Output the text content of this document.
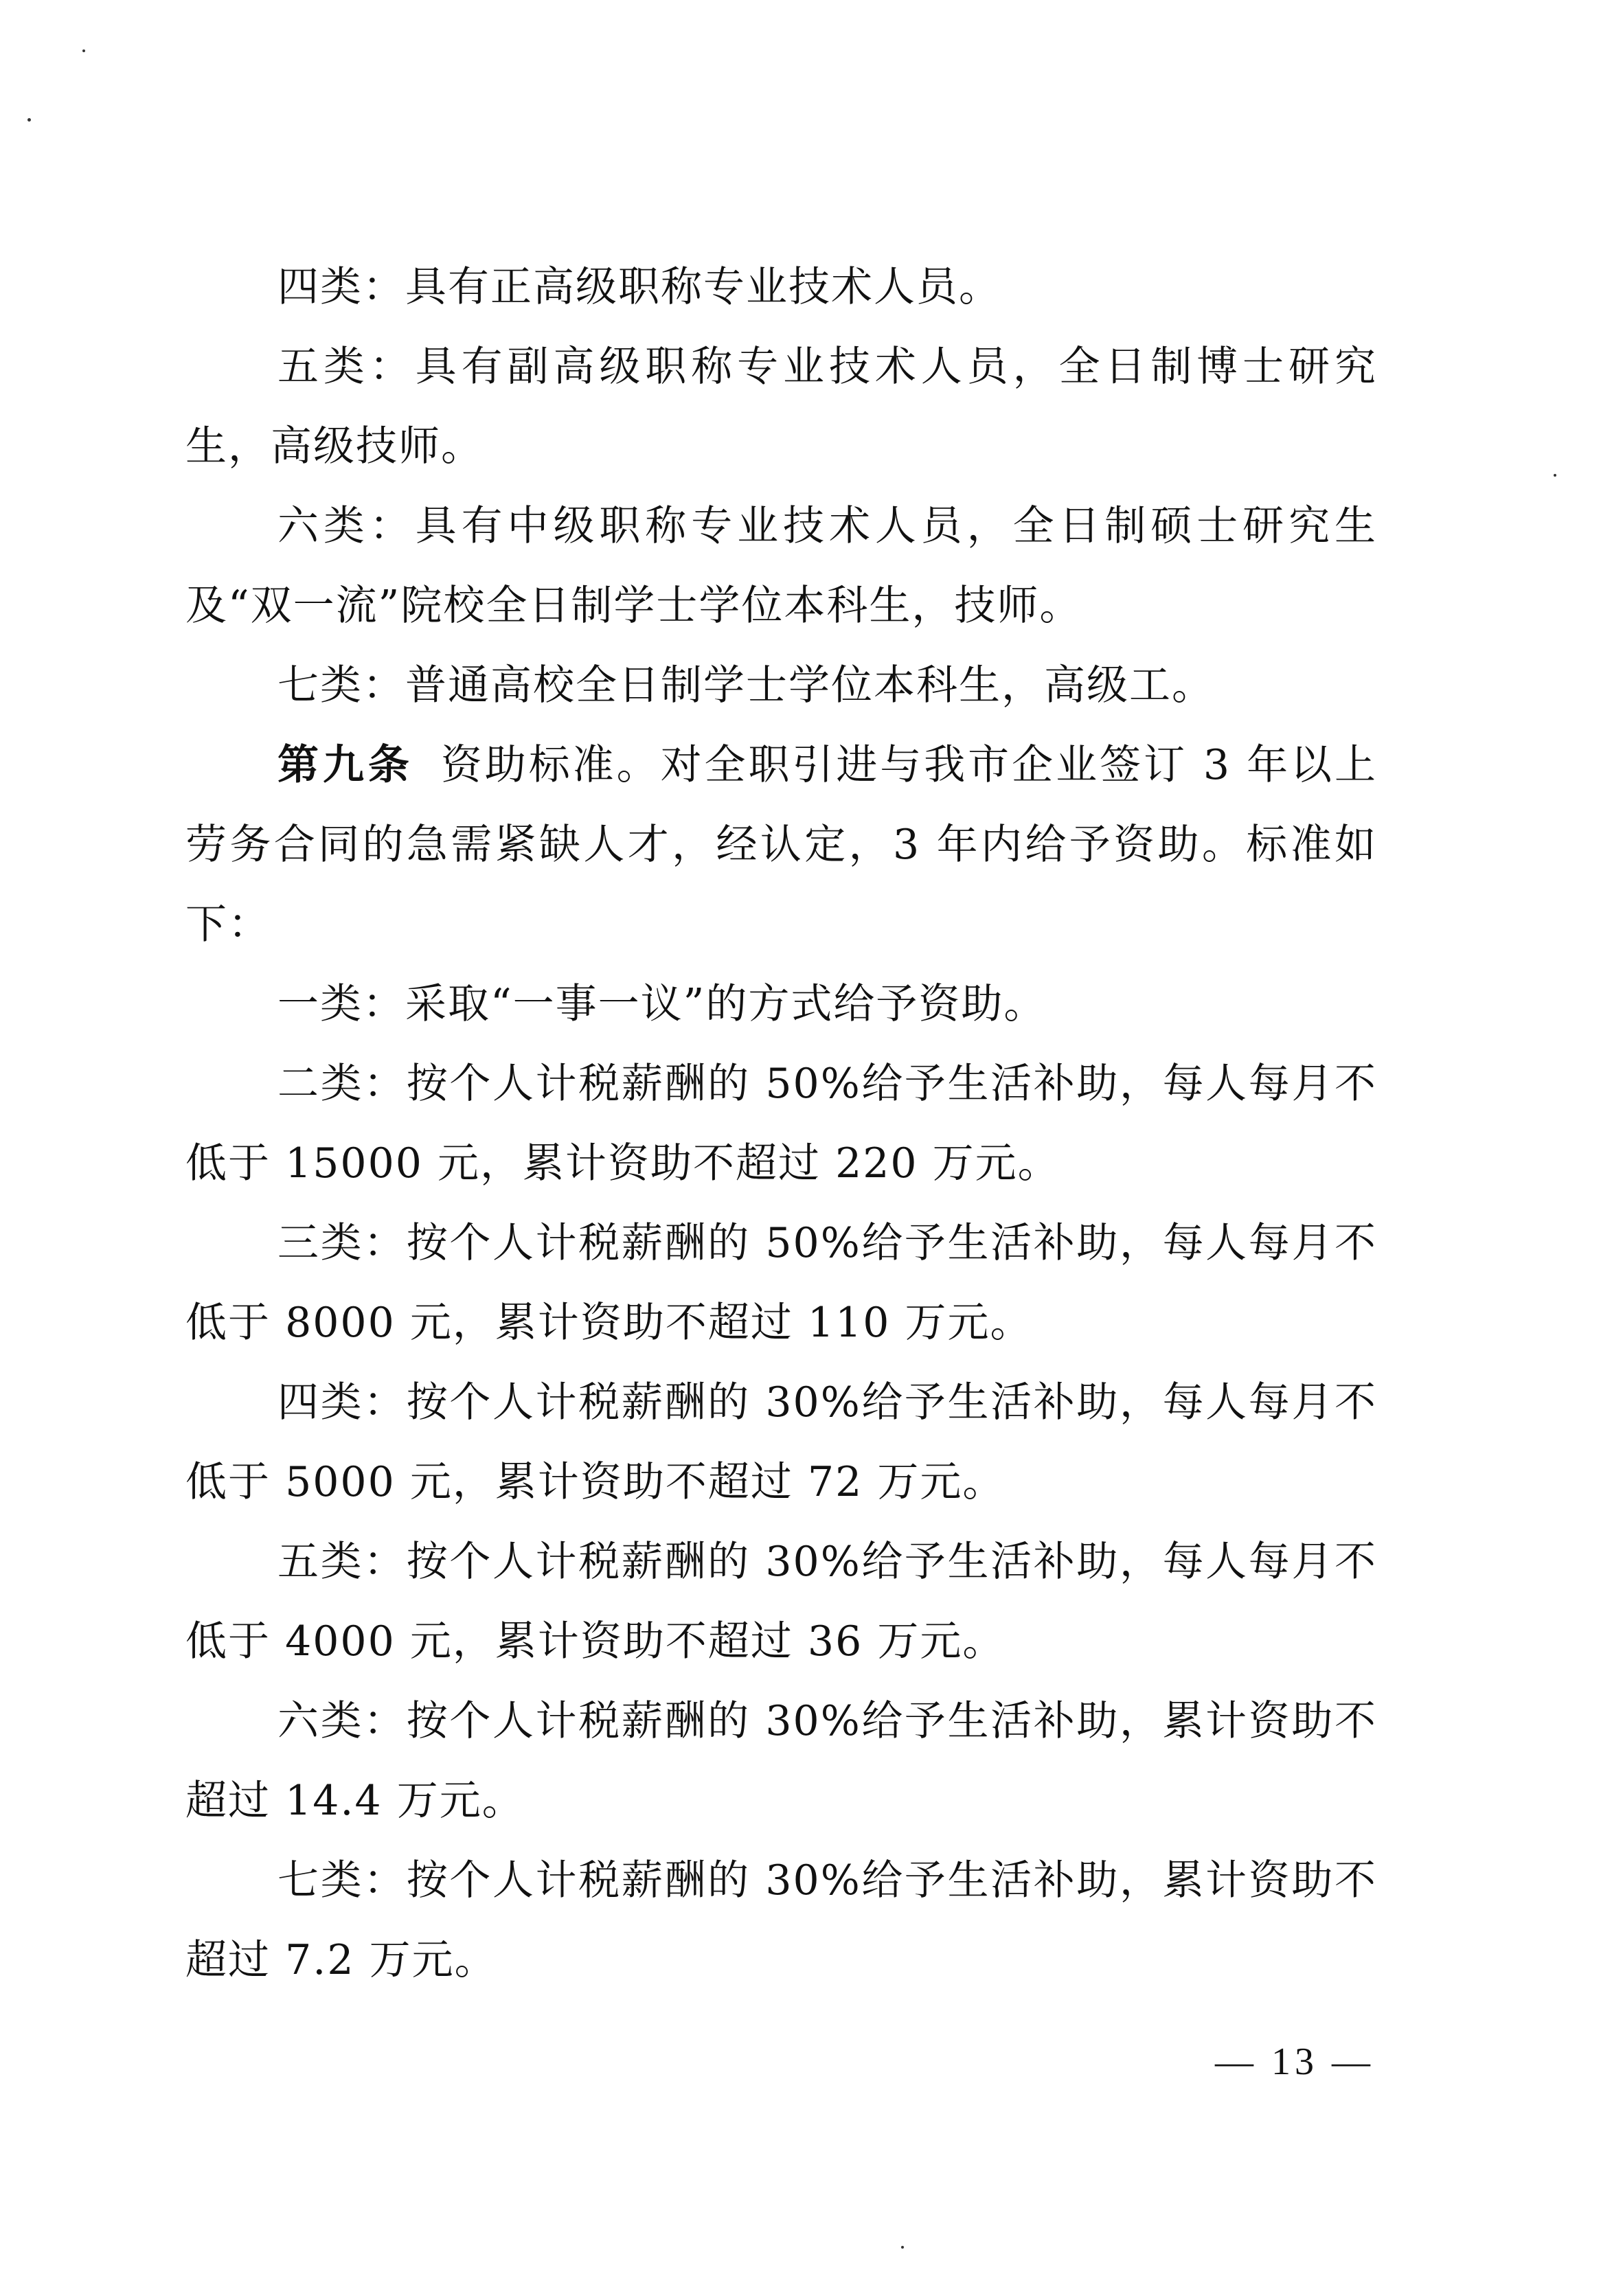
四类：具有正高级职称专业技术人员。

五类：具有副高级职称专业技术人员，全日制博士研究生，高级技师。

六类：具有中级职称专业技术人员，全日制硕士研究生及“双一流”院校全日制学士学位本科生，技师。

七类：普通高校全日制学士学位本科生，高级工。

第九条 资助标准。对全职引进与我市企业签订 3 年以上劳务合同的急需紧缺人才，经认定，3 年内给予资助。标准如下：

一类：采取“一事一议”的方式给予资助。

二类：按个人计税薪酬的 50%给予生活补助，每人每月不低于 15000 元，累计资助不超过 220 万元。

三类：按个人计税薪酬的 50%给予生活补助，每人每月不低于 8000 元，累计资助不超过 110 万元。

四类：按个人计税薪酬的 30%给予生活补助，每人每月不低于 5000 元，累计资助不超过 72 万元。

五类：按个人计税薪酬的 30%给予生活补助，每人每月不低于 4000 元，累计资助不超过 36 万元。

六类：按个人计税薪酬的 30%给予生活补助，累计资助不超过 14.4 万元。

七类：按个人计税薪酬的 30%给予生活补助，累计资助不超过 7.2 万元。

— 13 —
